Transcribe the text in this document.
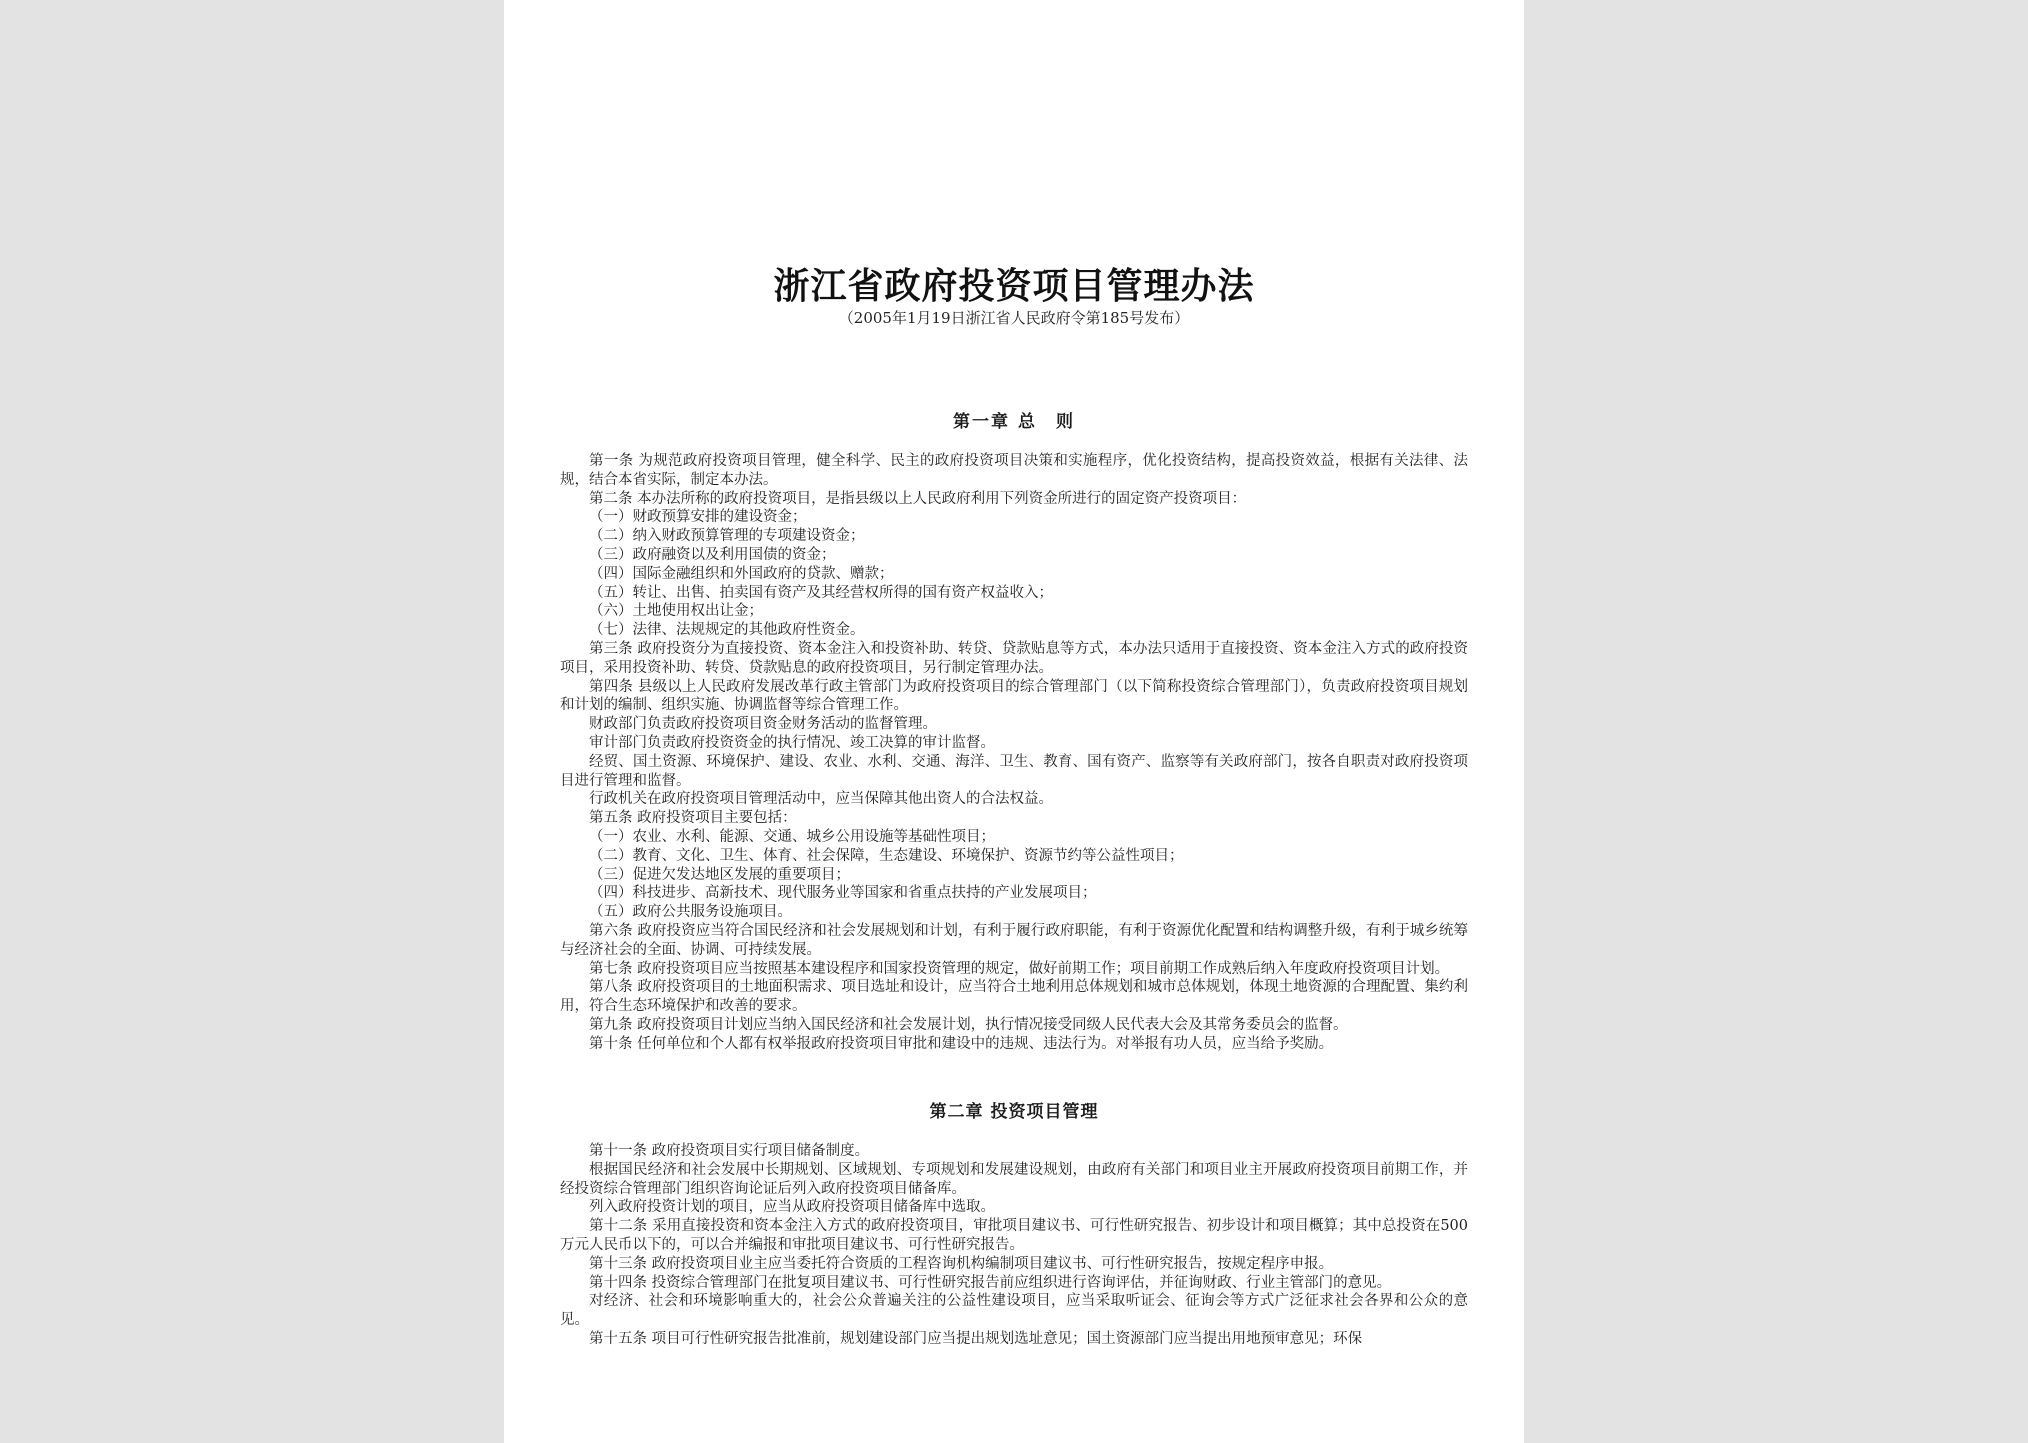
浙江省政府投资项目管理办法
（2005年1月19日浙江省人民政府令第185号发布）
第一章 总　则

第一条 为规范政府投资项目管理，健全科学、民主的政府投资项目决策和实施程序，优化投资结构，提高投资效益，根据有关法律、法规，结合本省实际，制定本办法。

第二条 本办法所称的政府投资项目，是指县级以上人民政府利用下列资金所进行的固定资产投资项目：

（一）财政预算安排的建设资金；

（二）纳入财政预算管理的专项建设资金；

（三）政府融资以及利用国债的资金；

（四）国际金融组织和外国政府的贷款、赠款；

（五）转让、出售、拍卖国有资产及其经营权所得的国有资产权益收入；

（六）土地使用权出让金；

（七）法律、法规规定的其他政府性资金。

第三条 政府投资分为直接投资、资本金注入和投资补助、转贷、贷款贴息等方式，本办法只适用于直接投资、资本金注入方式的政府投资项目，采用投资补助、转贷、贷款贴息的政府投资项目，另行制定管理办法。

第四条 县级以上人民政府发展改革行政主管部门为政府投资项目的综合管理部门（以下简称投资综合管理部门），负责政府投资项目规划和计划的编制、组织实施、协调监督等综合管理工作。

财政部门负责政府投资项目资金财务活动的监督管理。

审计部门负责政府投资资金的执行情况、竣工决算的审计监督。

经贸、国土资源、环境保护、建设、农业、水利、交通、海洋、卫生、教育、国有资产、监察等有关政府部门，按各自职责对政府投资项目进行管理和监督。

行政机关在政府投资项目管理活动中，应当保障其他出资人的合法权益。

第五条 政府投资项目主要包括：

（一）农业、水利、能源、交通、城乡公用设施等基础性项目；

（二）教育、文化、卫生、体育、社会保障，生态建设、环境保护、资源节约等公益性项目；

（三）促进欠发达地区发展的重要项目；

（四）科技进步、高新技术、现代服务业等国家和省重点扶持的产业发展项目；

（五）政府公共服务设施项目。

第六条 政府投资应当符合国民经济和社会发展规划和计划，有利于履行政府职能，有利于资源优化配置和结构调整升级，有利于城乡统筹与经济社会的全面、协调、可持续发展。

第七条 政府投资项目应当按照基本建设程序和国家投资管理的规定，做好前期工作；项目前期工作成熟后纳入年度政府投资项目计划。

第八条 政府投资项目的土地面积需求、项目选址和设计，应当符合土地利用总体规划和城市总体规划，体现土地资源的合理配置、集约利用，符合生态环境保护和改善的要求。

第九条 政府投资项目计划应当纳入国民经济和社会发展计划，执行情况接受同级人民代表大会及其常务委员会的监督。

第十条 任何单位和个人都有权举报政府投资项目审批和建设中的违规、违法行为。对举报有功人员，应当给予奖励。

第二章 投资项目管理

第十一条 政府投资项目实行项目储备制度。

根据国民经济和社会发展中长期规划、区域规划、专项规划和发展建设规划，由政府有关部门和项目业主开展政府投资项目前期工作，并经投资综合管理部门组织咨询论证后列入政府投资项目储备库。

列入政府投资计划的项目，应当从政府投资项目储备库中选取。

第十二条 采用直接投资和资本金注入方式的政府投资项目，审批项目建议书、可行性研究报告、初步设计和项目概算；其中总投资在500万元人民币以下的，可以合并编报和审批项目建议书、可行性研究报告。

第十三条 政府投资项目业主应当委托符合资质的工程咨询机构编制项目建议书、可行性研究报告，按规定程序申报。

第十四条 投资综合管理部门在批复项目建议书、可行性研究报告前应组织进行咨询评估，并征询财政、行业主管部门的意见。

对经济、社会和环境影响重大的，社会公众普遍关注的公益性建设项目，应当采取听证会、征询会等方式广泛征求社会各界和公众的意见。

第十五条 项目可行性研究报告批准前，规划建设部门应当提出规划选址意见；国土资源部门应当提出用地预审意见；环保
